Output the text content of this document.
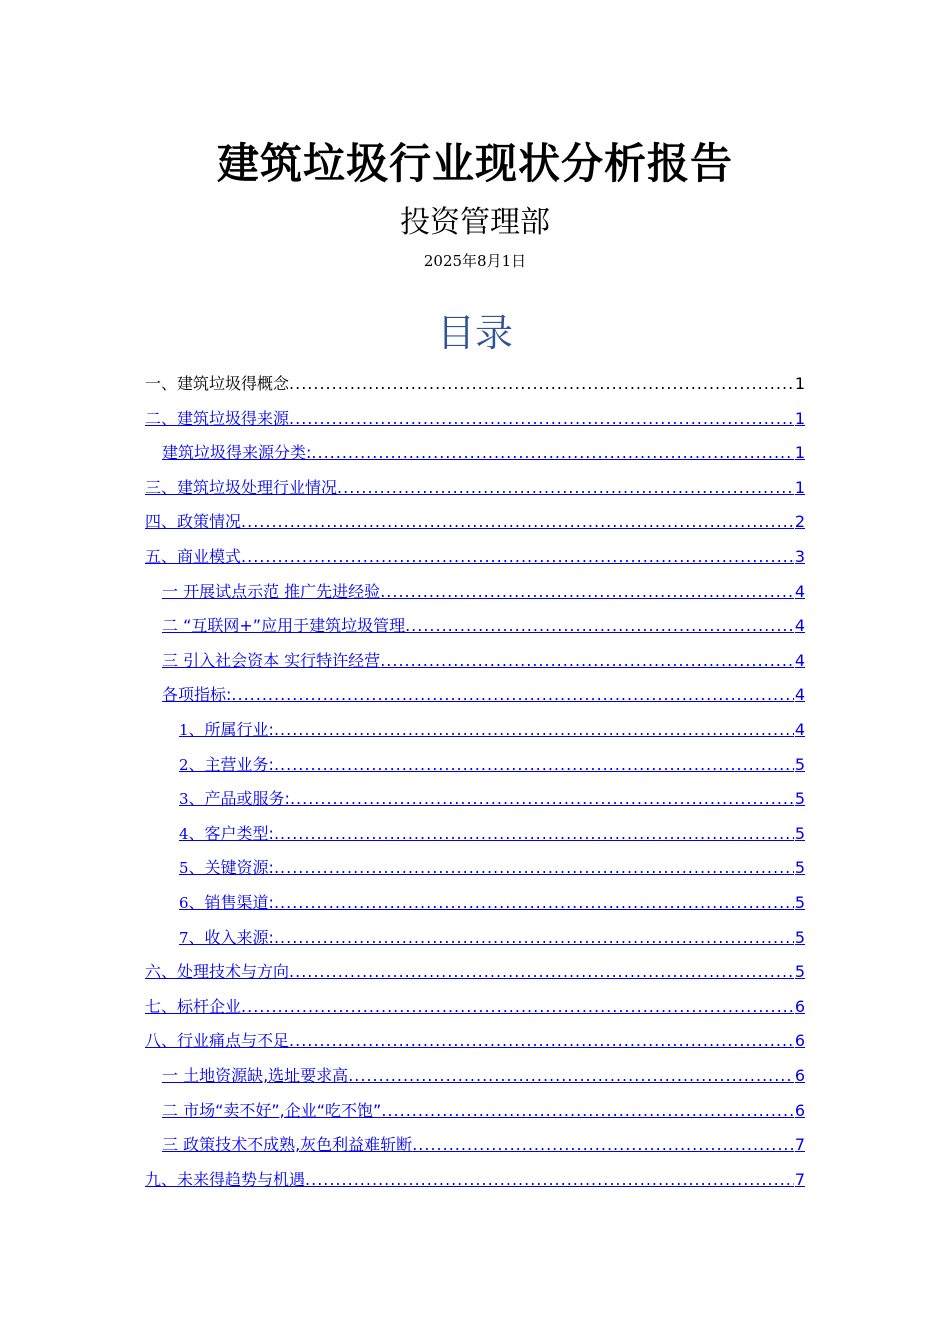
建筑垃圾行业现状分析报告
投资管理部
2025年8月1日
目录
一、建筑垃圾得概念 .....	1
二、建筑垃圾得来源 .....	1
建筑垃圾得来源分类: .....	1
三、建筑垃圾处理行业情况 .....	1
四、政策情况 .....	2
五、商业模式 .....	3
一 开展试点示范 推广先进经验 .....	4
二 “互联网+”应用于建筑垃圾管理 .....	4
三 引入社会资本 实行特许经营 .....	4
各项指标: .....	4
1、所属行业: .....	4
2、主营业务: .....	5
3、产品或服务: .....	5
4、客户类型: .....	5
5、关键资源: .....	5
6、销售渠道: .....	5
7、收入来源: .....	5
六、处理技术与方向 .....	5
七、标杆企业 .....	6
八、行业痛点与不足 .....	6
一 土地资源缺,选址要求高 .....	6
二 市场“卖不好”,企业“吃不饱” .....	6
三 政策技术不成熟,灰色利益难斩断 .....	7
九、未来得趋势与机遇 .....	7
